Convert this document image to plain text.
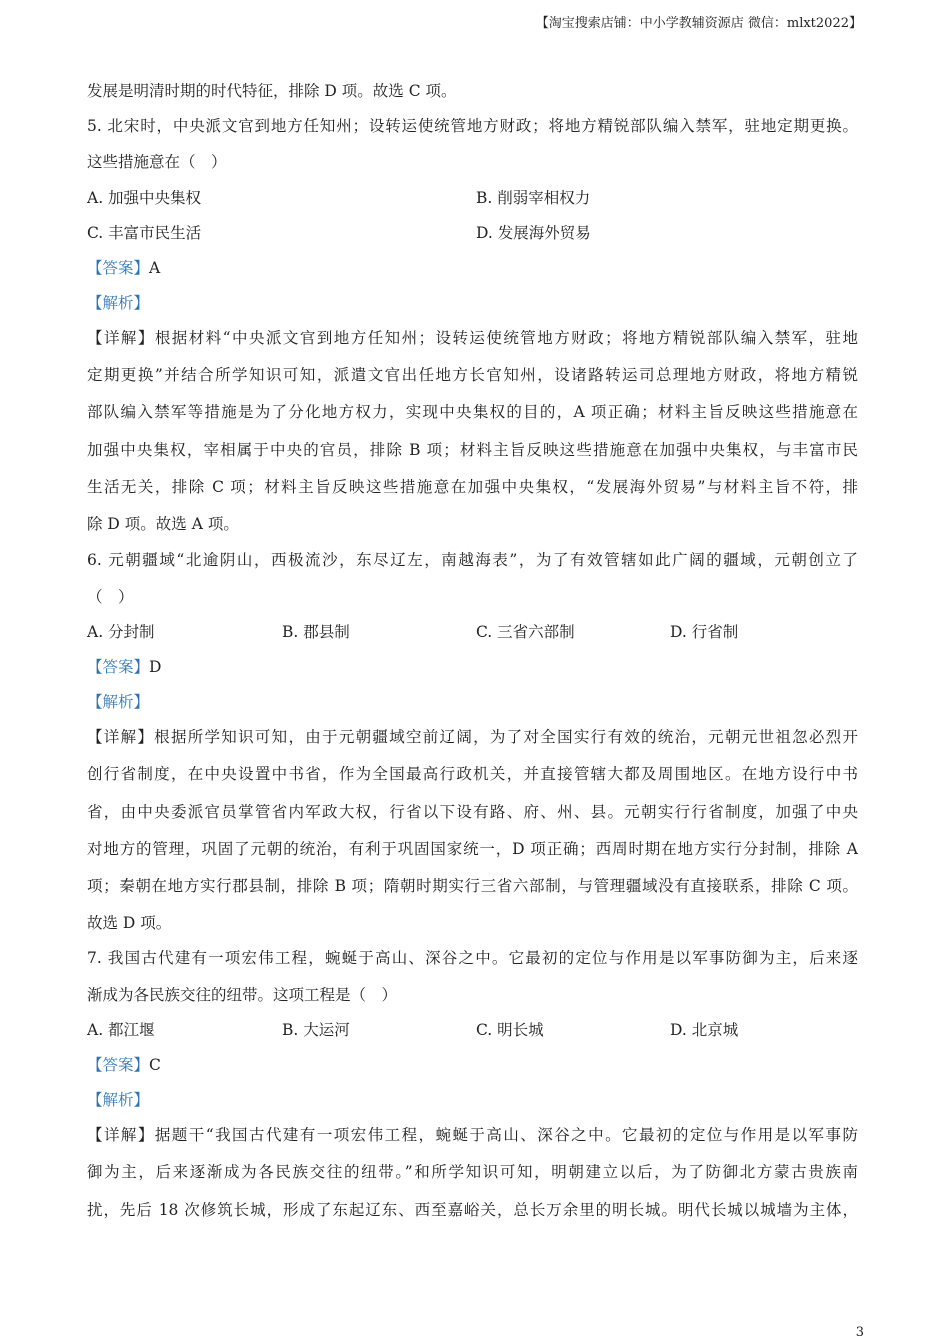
【淘宝搜索店铺：中小学教辅资源店 微信：mlxt2022】
发展是明清时期的时代特征，排除 D 项。故选 C 项。
5. 北宋时，中央派文官到地方任知州；设转运使统管地方财政；将地方精锐部队编入禁军，驻地定期更换。
这些措施意在（　）
A. 加强中央集权	B. 削弱宰相权力
C. 丰富市民生活	D. 发展海外贸易
【答案】A
【解析】
【详解】根据材料“中央派文官到地方任知州；设转运使统管地方财政；将地方精锐部队编入禁军，驻地
定期更换”并结合所学知识可知，派遣文官出任地方长官知州，设诸路转运司总理地方财政，将地方精锐
部队编入禁军等措施是为了分化地方权力，实现中央集权的目的，A 项正确；材料主旨反映这些措施意在
加强中央集权，宰相属于中央的官员，排除 B 项；材料主旨反映这些措施意在加强中央集权，与丰富市民
生活无关，排除 C 项；材料主旨反映这些措施意在加强中央集权，“发展海外贸易”与材料主旨不符，排
除 D 项。故选 A 项。
6. 元朝疆域“北逾阴山，西极流沙，东尽辽左，南越海表”，为了有效管辖如此广阔的疆域，元朝创立了
（　）
A. 分封制	B. 郡县制	C. 三省六部制	D. 行省制
【答案】D
【解析】
【详解】根据所学知识可知，由于元朝疆域空前辽阔，为了对全国实行有效的统治，元朝元世祖忽必烈开
创行省制度，在中央设置中书省，作为全国最高行政机关，并直接管辖大都及周围地区。在地方设行中书
省，由中央委派官员掌管省内军政大权，行省以下设有路、府、州、县。元朝实行行省制度，加强了中央
对地方的管理，巩固了元朝的统治，有利于巩固国家统一，D 项正确；西周时期在地方实行分封制，排除 A
项；秦朝在地方实行郡县制，排除 B 项；隋朝时期实行三省六部制，与管理疆域没有直接联系，排除 C 项。
故选 D 项。
7. 我国古代建有一项宏伟工程，蜿蜒于高山、深谷之中。它最初的定位与作用是以军事防御为主，后来逐
渐成为各民族交往的纽带。这项工程是（　）
A. 都江堰	B. 大运河	C. 明长城	D. 北京城
【答案】C
【解析】
【详解】据题干“我国古代建有一项宏伟工程，蜿蜒于高山、深谷之中。它最初的定位与作用是以军事防
御为主，后来逐渐成为各民族交往的纽带。”和所学知识可知，明朝建立以后，为了防御北方蒙古贵族南
扰，先后 18 次修筑长城，形成了东起辽东、西至嘉峪关，总长万余里的明长城。明代长城以城墙为主体，
3
